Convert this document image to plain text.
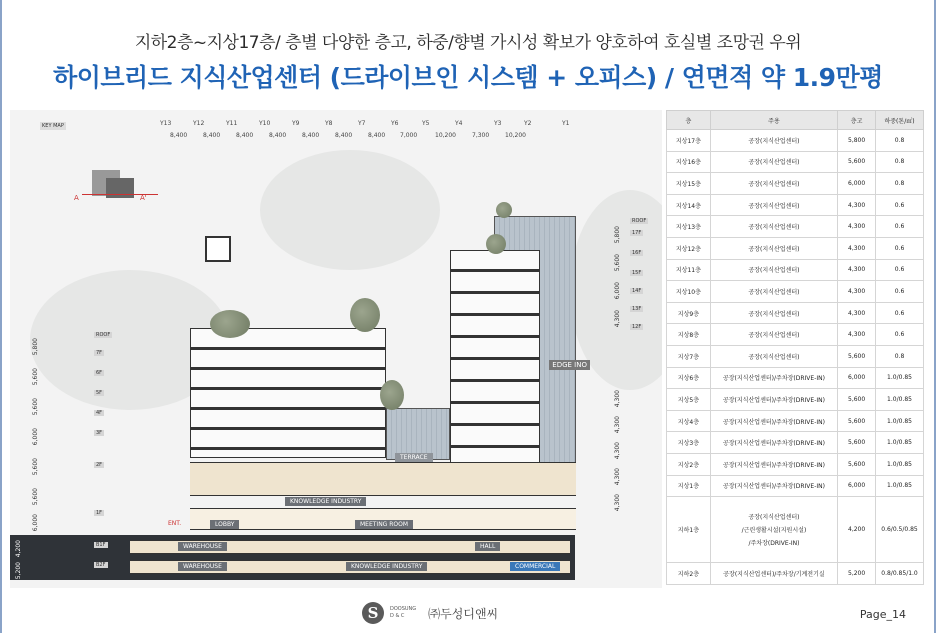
지하2층~지상17층/ 층별 다양한 층고, 하중/향별 가시성 확보가 양호하여 호실별 조망권 우위
하이브리드 지식산업센터 (드라이브인 시스템 + 오피스) / 연면적 약 1.9만평
KEY MAP
A	A'
Y13	Y12	Y11	Y10	Y9	Y8	Y7	Y6	Y5	Y4	Y3	Y2	Y1
8,400	8,400	8,400	8,400	8,400	8,400	8,400 7,000	10,200	7,300	10,200
TERRACE
KNOWLEDGE INDUSTRY
LOBBY	MEETING ROOM
ENT.
WAREHOUSE
WAREHOUSE
HALL
KNOWLEDGE INDUSTRY	COMMERCIAL
EDGE INO
ROOF
7F
6F
5F
4F
3F
2F
1F
B1F
B2F
ROOF
17F
16F
15F
14F
13F
12F
5,800
5,600
5,600
6,000
5,600
5,600
6,000
4,200
5,200
5,800
5,600
6,000
4,300
4,300
4,300
4,300
4,300
4,300
층	주용	층고	하중(톤/㎡)
지상17층	공장(지식산업센터)	5,800	0.8
지상16층	공장(지식산업센터)	5,600	0.8
지상15층	공장(지식산업센터)	6,000	0.8
지상14층	공장(지식산업센터)	4,300	0.6
지상13층	공장(지식산업센터)	4,300	0.6
지상12층	공장(지식산업센터)	4,300	0.6
지상11층	공장(지식산업센터)	4,300	0.6
지상10층	공장(지식산업센터)	4,300	0.6
지상9층	공장(지식산업센터)	4,300	0.6
지상8층	공장(지식산업센터)	4,300	0.6
지상7층	공장(지식산업센터)	5,600	0.8
지상6층	공장(지식산업센터)/주차장(DRIVE-IN)	6,000	1.0/0.85
지상5층	공장(지식산업센터)/주차장(DRIVE-IN)	5,600	1.0/0.85
지상4층	공장(지식산업센터)/주차장(DRIVE-IN)	5,600	1.0/0.85
지상3층	공장(지식산업센터)/주차장(DRIVE-IN)	5,600	1.0/0.85
지상2층	공장(지식산업센터)/주차장(DRIVE-IN)	5,600	1.0/0.85
지상1층	공장(지식산업센터)/주차장(DRIVE-IN)	6,000	1.0/0.85
지하1층	공장(지식산업센터)
/근린생활시설(지원시설)
/주차장(DRIVE-IN)	4,200	0.6/0.5/0.85
지하2층	공장(지식산업센터)/주차장/기계전기실	5,200	0.8/0.85/1.0
S	DOOSUNG
D & C	㈜두성디앤씨	Page_14
